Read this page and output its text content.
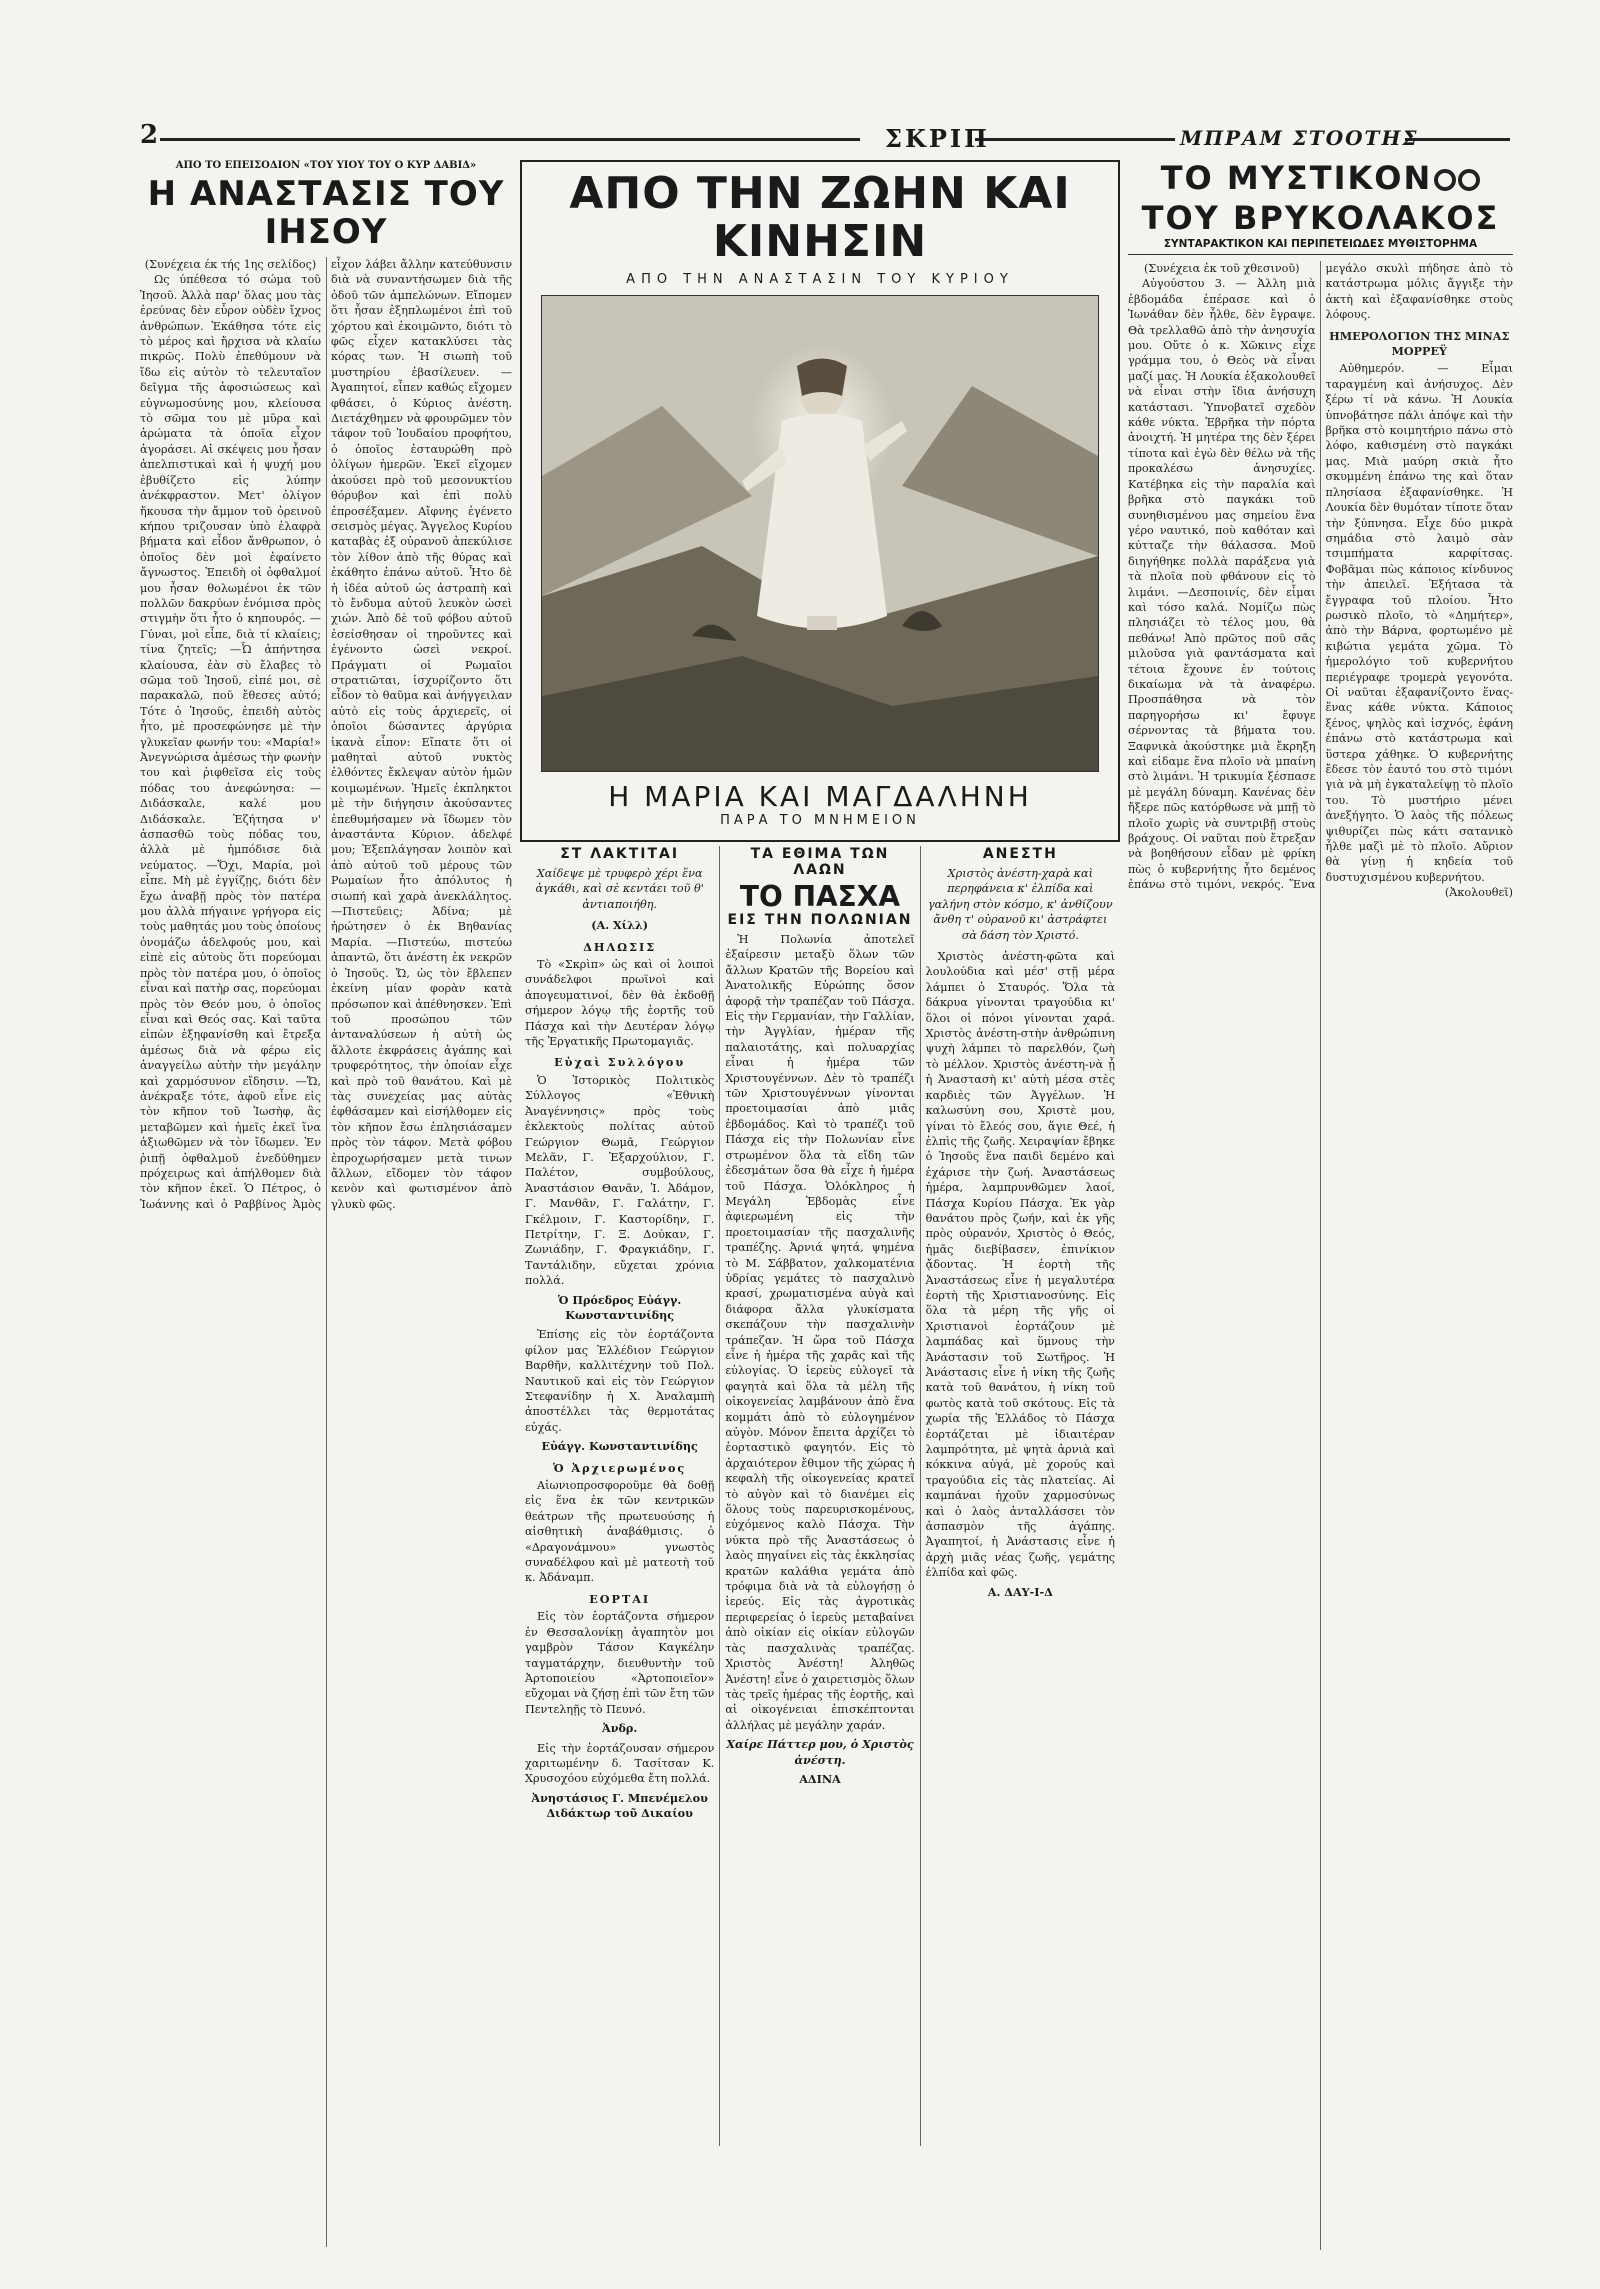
2	ΣΚΡΙΠ	ΜΠΡΑΜ ΣΤΟΟΤΗΣ
ΑΠΟ ΤΟ ΕΠΕΙΣΟΔΙΟΝ «ΤΟΥ ΥΙΟΥ ΤΟΥ Ο ΚΥΡ ΔΑΒΙΔ»
Η ΑΝΑΣΤΑΣΙΣ ΤΟΥ ΙΗΣΟΥ

(Συνέχεια έκ τής 1ης σελίδος)

Ως ύπέθεσα τό σώμα τοῦ Ἰησοῦ. Ἀλλὰ παρ' ὅλας μου τὰς ἐρεύνας δὲν εὗρον οὐδὲν ἴχνος ἀνθρώπων. Ἐκάθησα τότε εἰς τὸ μέρος καὶ ἤρχισα νὰ κλαίω πικρῶς. Πολὺ ἐπεθύμουν νὰ ἴδω εἰς αὐτὸν τὸ τελευταῖον δεῖγμα τῆς ἀφοσιώσεως καὶ εὐγνωμοσύνης μου, κλείουσα τὸ σῶμα του μὲ μῦρα καὶ ἀρώματα τὰ ὁποῖα εἶχον ἀγοράσει. Αἱ σκέψεις μου ἦσαν ἀπελπιστικαὶ καὶ ἡ ψυχή μου ἐβυθίζετο εἰς λύπην ἀνέκφραστον. Μετ' ὀλίγον ἤκουσα τὴν ἄμμον τοῦ ὀρεινοῦ κήπου τριζουσαν ὑπὸ ἐλαφρὰ βήματα καὶ εἶδον ἄνθρωπον, ὁ ὁποῖος δὲν μοὶ ἐφαίνετο ἄγνωστος. Ἐπειδὴ οἱ ὀφθαλμοί μου ἦσαν θολωμένοι ἐκ τῶν πολλῶν δακρύων ἐνόμισα πρὸς στιγμὴν ὅτι ἦτο ὁ κηπουρός. —Γύναι, μοὶ εἶπε, διὰ τί κλαίεις; τίνα ζητεῖς; —Ὦ ἀπήντησα κλαίουσα, ἐὰν σὺ ἔλαβες τὸ σῶμα τοῦ Ἰησοῦ, εἰπέ μοι, σὲ παρακαλῶ, ποῦ ἔθεσες αὐτό; Τότε ὁ Ἰησοῦς, ἐπειδὴ αὐτὸς ἦτο, μὲ προσεφώνησε μὲ τὴν γλυκεῖαν φωνήν του: «Μαρία!» Ἀνεγνώρισα ἀμέσως τὴν φωνὴν του καὶ ῥιφθεῖσα εἰς τοὺς πόδας του ἀνεφώνησα: —Διδάσκαλε, καλέ μου Διδάσκαλε. Ἐζήτησα ν' ἀσπασθῶ τοὺς πόδας του, ἀλλὰ μὲ ἠμπόδισε διὰ νεύματος. —Ὄχι, Μαρία, μοὶ εἶπε. Μὴ μὲ ἐγγίζῃς, διότι δὲν ἔχω ἀναβῇ πρὸς τὸν πατέρα μου ἀλλὰ πήγαινε γρήγορα εἰς τοὺς μαθητάς μου τοὺς ὁποίους ὀνομάζω ἀδελφούς μου, καὶ εἰπὲ εἰς αὐτοὺς ὅτι πορεύομαι πρὸς τὸν πατέρα μου, ὁ ὁποῖος εἶναι καὶ πατὴρ σας, πορεύομαι πρὸς τὸν Θεόν μου, ὁ ὁποῖος εἶναι καὶ Θεός σας. Καὶ ταῦτα εἰπὼν ἐξηφανίσθη καὶ ἔτρεξα ἀμέσως διὰ νὰ φέρω εἰς ἀναγγείλω αὐτὴν τὴν μεγάλην καὶ χαρμόσυνον εἴδησιν. —Ὤ, ἀνέκραξε τότε, ἀφοῦ εἶνε εἰς τὸν κῆπον τοῦ Ἰωσὴφ, ἂς μεταβῶμεν καὶ ἡμεῖς ἐκεῖ ἵνα ἀξιωθῶμεν νὰ τὸν ἴδωμεν. Ἐν ῥιπῇ ὀφθαλμοῦ ἐνεδύθημεν πρόχειρως καὶ ἀπήλθομεν διὰ τὸν κῆπον ἐκεῖ. Ὁ Πέτρος, ὁ Ἰωάννης καὶ ὁ Ραββίνος Ἀμὸς εἶχον λάβει ἄλλην κατεύθυνσιν διὰ νὰ συναντήσωμεν διὰ τῆς ὁδοῦ τῶν ἀμπελώνων. Εἴπομεν ὅτι ἦσαν ἐξηπλωμένοι ἐπὶ τοῦ χόρτου καὶ ἐκοιμῶντο, διότι τὸ φῶς εἶχεν κατακλύσει τὰς κόρας των. Ἡ σιωπὴ τοῦ μυστηρίου ἐβασίλευεν. —Ἀγαπητοί, εἶπεν καθώς εἴχομεν φθάσει, ὁ Κύριος ἀνέστη. Διετάχθημεν νὰ φρουρῶμεν τὸν τάφον τοῦ Ἰουδαίου προφήτου, ὁ ὁποῖος ἐσταυρώθη πρὸ ὀλίγων ἡμερῶν. Ἐκεῖ εἴχομεν ἀκούσει πρὸ τοῦ μεσονυκτίου θόρυβον καὶ ἐπὶ πολὺ ἐπροσέξαμεν. Αἴφνης ἐγένετο σεισμὸς μέγας. Ἄγγελος Κυρίου καταβὰς ἐξ οὐρανοῦ ἀπεκύλισε τὸν λίθον ἀπὸ τῆς θύρας καὶ ἐκάθητο ἐπάνω αὐτοῦ. Ἦτο δὲ ἡ ἰδέα αὐτοῦ ὡς ἀστραπὴ καὶ τὸ ἔνδυμα αὐτοῦ λευκὸν ὡσεὶ χιών. Ἀπὸ δὲ τοῦ φόβου αὐτοῦ ἐσείσθησαν οἱ τηροῦντες καὶ ἐγένοντο ὡσεὶ νεκροί. Πράγματι οἱ Ρωμαῖοι στρατιῶται, ἰσχυρίζοντο ὅτι εἶδον τὸ θαῦμα καὶ ἀνήγγειλαν αὐτὸ εἰς τοὺς ἀρχιερεῖς, οἱ ὁποῖοι δώσαντες ἀργύρια ἱκανὰ εἶπον: Εἴπατε ὅτι οἱ μαθηταὶ αὐτοῦ νυκτὸς ἐλθόντες ἔκλεψαν αὐτὸν ἡμῶν κοιμωμένων. Ἡμεῖς ἐκπληκτοι μὲ τὴν διήγησιν ἀκούσαντες ἐπεθυμήσαμεν νὰ ἴδωμεν τὸν ἀναστάντα Κύριον. ἀδελφέ μου; Ἐξεπλάγησαν λοιπὸν καὶ ἀπὸ αὐτοῦ τοῦ μέρους τῶν Ρωμαίων ἦτο ἀπόλυτος ἡ σιωπή καὶ χαρὰ ἀνεκλάλητος. —Πιστεῦεις; Ἀδίνα; μὲ ἠρώτησεν ὁ ἐκ Βηθανίας Μαρία. —Πιστεύω, πιστεύω ἀπαντῶ, ὅτι ἀνέστη ἐκ νεκρῶν ὁ Ἰησοῦς. Ὤ, ὡς τὸν ἔβλεπεν ἐκείνη μίαν φορὰν κατὰ πρόσωπον καὶ ἀπέθνησκεν. Ἐπὶ τοῦ προσώπου τῶν ἀνταναλύσεων ἡ αὐτὴ ὡς ἄλλοτε ἐκφράσεις ἀγάπης καὶ τρυφερότητος, τὴν ὁποίαν εἶχε καὶ πρὸ τοῦ θανάτου. Καὶ μὲ τὰς συνεχείας μας αὐτὰς ἐφθάσαμεν καὶ εἰσήλθομεν εἰς τὸν κῆπον ἔσω ἐπλησιάσαμεν πρὸς τὸν τάφον. Μετὰ φόβου ἐπροχωρήσαμεν μετὰ τινων ἄλλων, εἴδομεν τὸν τάφον κενὸν καὶ φωτισμένον ἀπὸ γλυκὺ φῶς.

ΑΠΟ ΤΗΝ ΖΩΗΝ ΚΑΙ ΚΙΝΗΣΙΝ
ΑΠΟ ΤΗΝ ΑΝΑΣΤΑΣΙΝ ΤΟΥ ΚΥΡΙΟΥ
Η ΜΑΡΙΑ ΚΑΙ ΜΑΓΔΑΛΗΝΗ
ΠΑΡΑ ΤΟ ΜΝΗΜΕΙΟΝ
ΣΤ ΛΑΚΤΙΤΑΙ
Χαίδεψε μὲ τρυφερὸ χέρι ἕνα ἀγκάθι, καὶ σὲ κεντάει τοῦ θ' ἀντιαποιήθη.
(Α. Χίλλ)
ΔΗΛΩΣΙΣ

Τὸ «Σκρὶπ» ὡς καὶ οἱ λοιποὶ συνάδελφοι πρωϊνοὶ καὶ ἀπογευματινοί, δὲν θὰ ἐκδοθῇ σήμερον λόγῳ τῆς ἑορτῆς τοῦ Πάσχα καὶ τὴν Δευτέραν λόγῳ τῆς Ἐργατικῆς Πρωτομαγιᾶς.

Εὐχαὶ Συλλόγου

Ὁ Ἰστορικὸς Πολιτικὸς Σύλλογος «Ἐθνικὴ Ἀναγέννησις» πρὸς τοὺς ἐκλεκτοὺς πολίτας αὐτοῦ Γεώργιον Θωμᾶ, Γεώργιον Μελᾶν, Γ. Ἐξαρχούλιον, Γ. Παλέτον, συμβούλους, Ἀναστάσιον Θανᾶν, Ἰ. Ἀδάμον, Γ. Μανθᾶν, Γ. Γαλάτην, Γ. Γκέλμοιν, Γ. Καστορίδην, Γ. Πετρίτην, Γ. Ξ. Δούκαν, Γ. Ζωνιάδην, Γ. Φραγκιάδην, Γ. Ταντάλιδην, εὔχεται χρόνια πολλά.

Ὁ Πρόεδρος Εὐάγγ. Κωνσταντινίδης

Ἐπίσης εἰς τὸν ἑορτάζοντα φίλον μας Ἐλλέδιον Γεώργιον Βαρθῆν, καλλιτέχνην τοῦ Πολ. Ναυτικοῦ καὶ εἰς τὸν Γεώργιον Στεφανίδην ἡ Χ. Ἀναλαμπὴ ἀποστέλλει τὰς θερμοτάτας εὐχάς.

Εὐάγγ. Κωνσταντινίδης
Ὁ Ἀρχιερωμένος

Αἱωνιοπροσφοροῦμε θὰ δοθῇ εἰς ἕνα ἐκ τῶν κεντρικῶν θεάτρων τῆς πρωτευούσης ἡ αἰσθητικὴ ἀναβάθμισις. ὁ «Δραγονάμνου» γνωστὸς συναδέλφου καὶ μὲ ματεοτὴ τοῦ κ. Ἀδάναμπ.

ΕΟΡΤΑΙ

Εἰς τὸν ἑορτάζοντα σήμερον ἐν Θεσσαλονίκῃ ἀγαπητὸν μοι γαμβρὸν Τάσον Καγκέλην ταγματάρχην, διευθυντὴν τοῦ Ἀρτοποιείου «Ἀρτοποιεῖον» εὔχομαι νὰ ζήσῃ ἐπὶ τῶν ἔτη τῶν Πεντεληῇς τὸ Πευνό.

Ἀνδρ.

Εἰς τὴν ἑορτάζουσαν σήμερον χαριτωμένην δ. Τασίτσαν Κ. Χρυσοχόου εὐχόμεθα ἔτη πολλά.

Ἀνηστάσιος Γ. Μπενέμελου Διδάκτωρ τοῦ Δικαίου
ΤΑ ΕΘΙΜΑ ΤΩΝ ΛΑΩΝ
ΤΟ ΠΑΣΧΑ
ΕΙΣ ΤΗΝ ΠΟΛΩΝΙΑΝ

Ἡ Πολωνία ἀποτελεῖ ἐξαίρεσιν μεταξὺ ὅλων τῶν ἄλλων Κρατῶν τῆς Βορείου καὶ Ἀνατολικῆς Εὐρώπης ὅσον ἀφορᾷ τὴν τραπέζαν τοῦ Πάσχα. Εἰς τὴν Γερμανίαν, τὴν Γαλλίαν, τὴν Ἀγγλίαν, ἡμέραν τῆς παλαιοτάτης, καὶ πολυαρχίας εἶναι ἡ ἡμέρα τῶν Χριστουγέννων. Δὲν τὸ τραπέζι τῶν Χριστουγέννων γίνονται προετοιμασίαι ἀπὸ μιᾶς ἑβδομάδος. Καὶ τὸ τραπέζι τοῦ Πάσχα εἰς τὴν Πολωνίαν εἶνε στρωμένον ὅλα τὰ εἴδη τῶν ἐδεσμάτων ὅσα θὰ εἶχε ἡ ἡμέρα τοῦ Πάσχα. Ὁλόκληρος ἡ Μεγάλη Ἑβδομὰς εἶνε ἀφιερωμένη εἰς τὴν προετοιμασίαν τῆς πασχαλινῆς τραπέζης. Ἀρνιά ψητά, ψημένα τὸ Μ. Σάββατον, χαλκοματένια ὑδρίας γεμάτες τὸ πασχαλινὸ κρασί, χρωματισμένα αὐγὰ καὶ διάφορα ἄλλα γλυκίσματα σκεπάζουν τὴν πασχαλινὴν τράπεζαν. Ἡ ὥρα τοῦ Πάσχα εἶνε ἡ ἡμέρα τῆς χαρᾶς καὶ τῆς εὐλογίας. Ὁ ἱερεὺς εὐλογεῖ τὰ φαγητὰ καὶ ὅλα τὰ μέλη τῆς οἰκογενείας λαμβάνουν ἀπὸ ἕνα κομμάτι ἀπὸ τὸ εὐλογημένον αὐγὸν. Μόνον ἔπειτα ἀρχίζει τὸ ἑορταστικὸ φαγητόν. Εἰς τὸ ἀρχαιότερον ἔθιμον τῆς χώρας ἡ κεφαλὴ τῆς οἰκογενείας κρατεῖ τὸ αὐγὸν καὶ τὸ διανέμει εἰς ὅλους τοὺς παρευρισκομένους, εὐχόμενος καλὸ Πάσχα. Τὴν νύκτα πρὸ τῆς Ἀναστάσεως ὁ λαὸς πηγαίνει εἰς τὰς ἐκκλησίας κρατῶν καλάθια γεμάτα ἀπὸ τρόφιμα διὰ νὰ τὰ εὐλογήσῃ ὁ ἱερεύς. Εἰς τὰς ἀγροτικὰς περιφερείας ὁ ἱερεὺς μεταβαίνει ἀπὸ οἰκίαν εἰς οἰκίαν εὐλογῶν τὰς πασχαλινὰς τραπέζας. Χριστὸς Ἀνέστη! Ἀληθῶς Ἀνέστη! εἶνε ὁ χαιρετισμὸς ὅλων τὰς τρεῖς ἡμέρας τῆς ἑορτῆς, καὶ αἱ οἰκογένειαι ἐπισκέπτονται ἀλλήλας μὲ μεγάλην χαράν.

Χαίρε Πάττερ μου, ὁ Χριστὸς ἀνέστη.
ΑΔΙΝΑ
ΑΝΕΣΤΗ
Χριστὸς ἀνέστη-χαρὰ καὶ περηφάνεια κ' ἐλπίδα καὶ γαλήνη στὸν κόσμο, κ' ἀνθίζουν ἄνθη τ' οὐρανοῦ κι' ἀστράφτει σὰ δάση τὸν Χριστό.

Χριστὸς ἀνέστη-φῶτα καὶ λουλούδια καὶ μέσ' στῇ μέρα λάμπει ὁ Σταυρός. Ὅλα τὰ δάκρυα γίνονται τραγούδια κι' ὅλοι οἱ πόνοι γίνονται χαρά. Χριστὸς ἀνέστη-στὴν ἀνθρώπινη ψυχὴ λάμπει τὸ παρελθόν, ζωὴ τὸ μέλλον. Χριστὸς ἀνέστη-νὰ ᾖ ἡ Ἀναστασὴ κι' αὐτὴ μέσα στὲς καρδιὲς τῶν Ἀγγέλων. Ἡ καλωσύνη σου, Χριστὲ μου, γίναι τὸ ἔλεός σου, ἅγιε Θεέ, ἡ ἐλπὶς τῆς ζωῆς. Χειραψίαν ἔβηκε ὁ Ἰησοῦς ἕνα παιδὶ δεμένο καὶ ἐχάρισε τὴν ζωή. Ἀναστάσεως ἡμέρα, λαμπρυνθῶμεν λαοί, Πάσχα Κυρίου Πάσχα. Ἐκ γὰρ θανάτου πρὸς ζωήν, καὶ ἐκ γῆς πρὸς οὐρανόν, Χριστὸς ὁ Θεός, ἡμᾶς διεβίβασεν, ἐπινίκιον ᾄδοντας. Ἡ ἑορτὴ τῆς Ἀναστάσεως εἶνε ἡ μεγαλυτέρα ἑορτὴ τῆς Χριστιανοσύνης. Εἰς ὅλα τὰ μέρη τῆς γῆς οἱ Χριστιανοὶ ἑορτάζουν μὲ λαμπάδας καὶ ὕμνους τὴν Ἀνάστασιν τοῦ Σωτῆρος. Ἡ Ἀνάστασις εἶνε ἡ νίκη τῆς ζωῆς κατὰ τοῦ θανάτου, ἡ νίκη τοῦ φωτὸς κατὰ τοῦ σκότους. Εἰς τὰ χωρία τῆς Ἑλλάδος τὸ Πάσχα ἑορτάζεται μὲ ἰδιαιτέραν λαμπρότητα, μὲ ψητὰ ἀρνιὰ καὶ κόκκινα αὐγά, μὲ χορούς καὶ τραγούδια εἰς τὰς πλατείας. Αἱ καμπάναι ἠχοῦν χαρμοσύνως καὶ ὁ λαὸς ἀνταλλάσσει τὸν ἀσπασμὸν τῆς ἀγάπης. Ἀγαπητοί, ἡ Ἀνάστασις εἶνε ἡ ἀρχὴ μιᾶς νέας ζωῆς, γεμάτης ἐλπίδα καὶ φῶς.

Α. ΔΑΥ-Ι-Δ
ΤΟ ΜΥΣΤΙΚΟΝ
ΤΟΥ ΒΡΥΚΟΛΑΚΟΣ
ΣΥΝΤΑΡΑΚΤΙΚΟΝ ΚΑΙ ΠΕΡΙΠΕΤΕΙΩΔΕΣ ΜΥΘΙΣΤΟΡΗΜΑ

(Συνέχεια ἐκ τοῦ χθεσινοῦ)

Αὐγούστου 3. — Ἀλλη μιὰ ἑβδομάδα ἐπέρασε καὶ ὁ Ἰωνάθαν δὲν ἦλθε, δὲν ἔγραψε. Θὰ τρελλαθῶ ἀπὸ τὴν ἀνησυχία μου. Οὔτε ὁ κ. Χῶκινς εἶχε γράμμα του, ὁ Θεὸς νὰ εἶναι μαζί μας. Ἡ Λουκία ἐξακολουθεῖ νὰ εἶναι στὴν ἴδια ἀνήσυχη κατάστασι. Ὑπνοβατεῖ σχεδὸν κάθε νύκτα. Ἐβρῆκα τὴν πόρτα ἀνοιχτή. Ἡ μητέρα της δὲν ξέρει τίποτα καὶ ἐγὼ δὲν θέλω νὰ τῆς προκαλέσω ἀνησυχίες. Κατέβηκα εἰς τὴν παραλία καὶ βρῆκα στὸ παγκάκι τοῦ συνηθισμένου μας σημείου ἕνα γέρο ναυτικό, ποὺ καθόταν καὶ κύτταζε τὴν θάλασσα. Μοῦ διηγήθηκε πολλὰ παράξενα γιὰ τὰ πλοῖα ποὺ φθάνουν εἰς τὸ λιμάνι. —Δεσποινίς, δὲν εἶμαι καὶ τόσο καλά. Νομίζω πὼς πλησιάζει τὸ τέλος μου, θὰ πεθάνω! Ἀπὸ πρῶτος ποῦ σᾶς μιλοῦσα γιὰ φαντάσματα καὶ τέτοια ἔχουνε ἐν τούτοις δικαίωμα νὰ τὰ ἀναφέρω. Προσπάθησα νὰ τὸν παρηγορήσω κι' ἔφυγε σέρνοντας τὰ βήματα του. Ξαφνικὰ ἀκούστηκε μιὰ ἔκρηξη καὶ εἰδαμε ἕνα πλοῖο νὰ μπαίνη στὸ λιμάνι. Ἡ τρικυμία ξέσπασε μὲ μεγάλη δύναμη. Κανένας δὲν ἤξερε πῶς κατόρθωσε νὰ μπῇ τὸ πλοῖο χωρὶς νὰ συντριβῇ στοὺς βράχους. Οἱ ναῦται ποὺ ἔτρεξαν νὰ βοηθήσουν εἶδαν μὲ φρίκη πὼς ὁ κυβερνήτης ἦτο δεμένος ἐπάνω στὸ τιμόνι, νεκρός. Ἕνα μεγάλο σκυλὶ πήδησε ἀπὸ τὸ κατάστρωμα μόλις ἄγγιξε τὴν ἀκτὴ καὶ ἐξαφανίσθηκε στοὺς λόφους.

ΗΜΕΡΟΛΟΓΙΟΝ ΤΗΣ ΜΙΝΑΣ ΜΟΡΡΕΫ

Αὐθημερόν. — Εἶμαι ταραγμένη καὶ ἀνήσυχος. Δὲν ξέρω τί νὰ κάνω. Ἡ Λουκία ὑπνοβάτησε πάλι ἀπόψε καὶ τὴν βρῆκα στὸ κοιμητήριο πάνω στὸ λόφο, καθισμένη στὸ παγκάκι μας. Μιὰ μαύρη σκιὰ ἦτο σκυμμένη ἐπάνω της καὶ ὅταν πλησίασα ἐξαφανίσθηκε. Ἡ Λουκία δὲν θυμόταν τίποτε ὅταν τὴν ξύπνησα. Εἶχε δύο μικρὰ σημάδια στὸ λαιμὸ σὰν τσιμπήματα καρφίτσας. Φοβᾶμαι πὼς κάποιος κίνδυνος τὴν ἀπειλεῖ. Ἐξήτασα τὰ ἔγγραφα τοῦ πλοίου. Ἦτο ρωσικὸ πλοῖο, τὸ «Δημήτερ», ἀπὸ τὴν Βάρνα, φορτωμένο μὲ κιβώτια γεμάτα χῶμα. Τὸ ἡμερολόγιο τοῦ κυβερνήτου περιέγραφε τρομερὰ γεγονότα. Οἱ ναῦται ἐξαφανίζοντο ἕνας-ἕνας κάθε νύκτα. Κάποιος ξένος, ψηλὸς καὶ ἰσχνός, ἐφάνη ἐπάνω στὸ κατάστρωμα καὶ ὕστερα χάθηκε. Ὁ κυβερνήτης ἔδεσε τὸν ἑαυτό του στὸ τιμόνι γιὰ νὰ μὴ ἐγκαταλείψῃ τὸ πλοῖο του. Τὸ μυστήριο μένει ἀνεξήγητο. Ὁ λαὸς τῆς πόλεως ψιθυρίζει πὼς κάτι σατανικὸ ἦλθε μαζὶ μὲ τὸ πλοῖο. Αὔριον θὰ γίνῃ ἡ κηδεία τοῦ δυστυχισμένου κυβερνήτου.

(Ἀκολουθεῖ)
